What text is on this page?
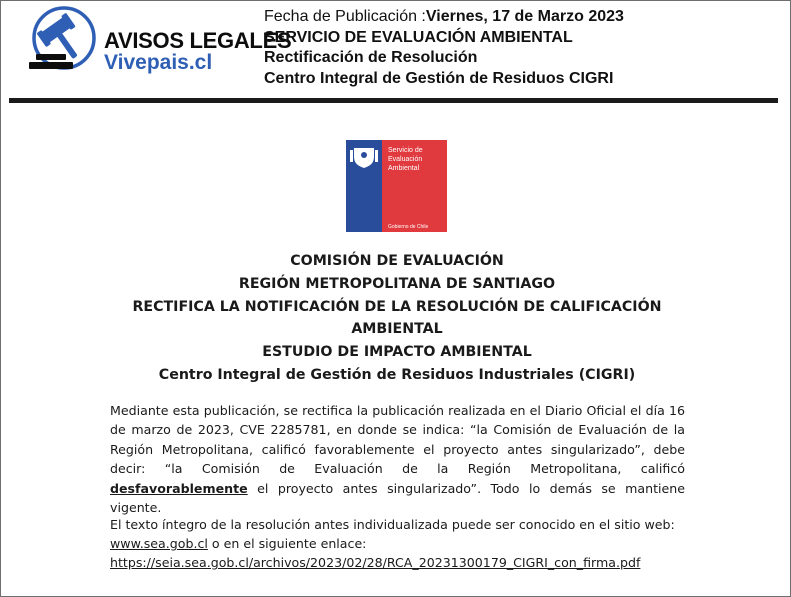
AVISOS LEGALES
Vivepais.cl
Fecha de Publicación :Viernes, 17 de Marzo 2023
SERVICIO DE EVALUACIÓN AMBIENTAL
Rectificación de Resolución
Centro Integral de Gestión de Residuos CIGRI
Servicio de
Evaluación
Ambiental
Gobierno de Chile
COMISIÓN DE EVALUACIÓN
REGIÓN METROPOLITANA DE SANTIAGO
RECTIFICA LA NOTIFICACIÓN DE LA RESOLUCIÓN DE CALIFICACIÓN AMBIENTAL
ESTUDIO DE IMPACTO AMBIENTAL
Centro Integral de Gestión de Residuos Industriales (CIGRI)
Mediante esta publicación, se rectifica la publicación realizada en el Diario Oficial el día 16 de marzo de 2023, CVE 2285781, en donde se indica: “la Comisión de Evaluación de la Región Metropolitana, calificó favorablemente el proyecto antes singularizado”, debe decir: “la Comisión de Evaluación de la Región Metropolitana, calificó desfavorablemente el proyecto antes singularizado”. Todo lo demás se mantiene vigente.
El texto íntegro de la resolución antes individualizada puede ser conocido en el sitio web:
www.sea.gob.cl o en el siguiente enlace:
https://seia.sea.gob.cl/archivos/2023/02/28/RCA_20231300179_CIGRI_con_firma.pdf
